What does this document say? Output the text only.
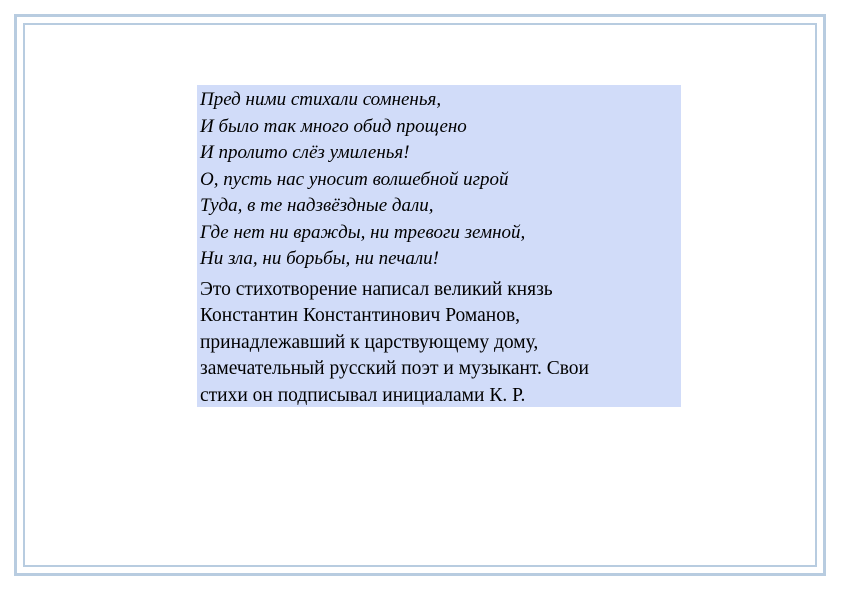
Пред ними стихали сомненья,
И было так много обид прощено
И пролито слёз умиленья!
О, пусть нас уносит волшебной игрой
Туда, в те надзвёздные дали,
Где нет ни вражды, ни тревоги земной,
Ни зла, ни борьбы, ни печали!
Это стихотворение написал великий князь
Константин Константинович Романов,
принадлежавший к царствующему дому,
замечательный русский поэт и музыкант. Свои
стихи он подписывал инициалами К. Р.
